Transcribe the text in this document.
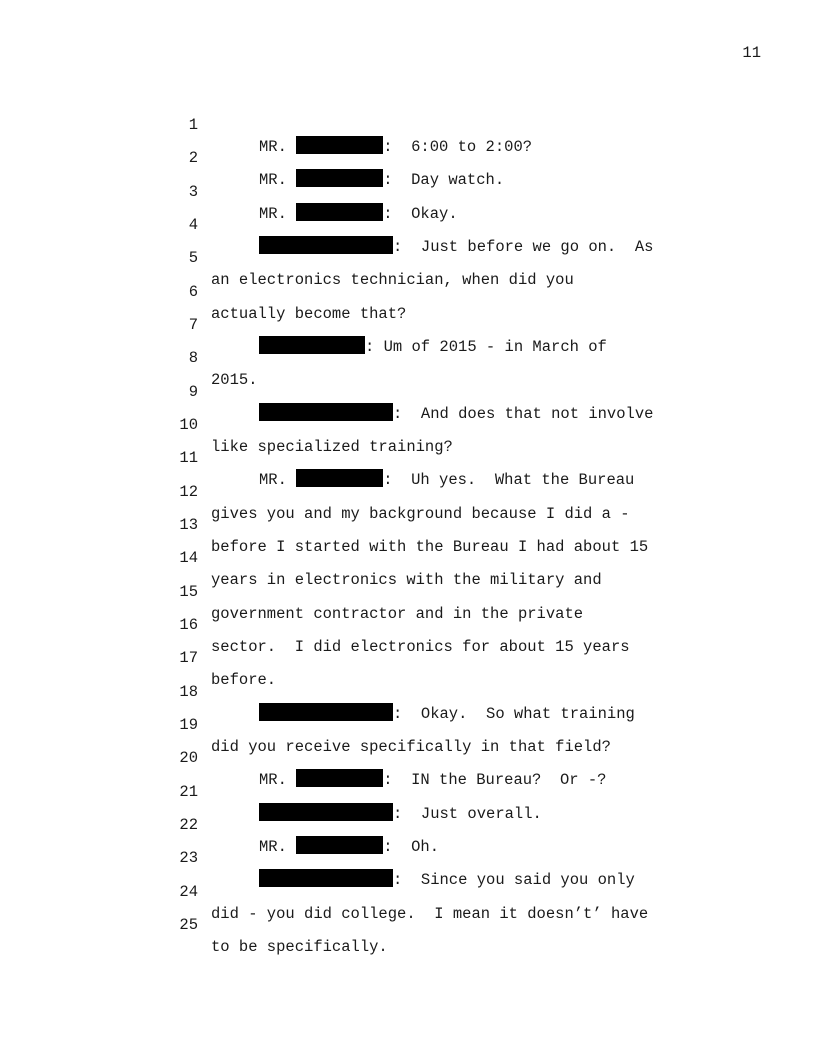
11

1

MR.	:  6:00 to 2:00?

2

MR.	:  Day watch.

3

MR.	:  Okay.

4

:  Just before we go on.  As

5

an electronics technician, when did you

6

actually become that?

7

: Um of 2015 - in March of

8

2015.

9

:  And does that not involve

10

like specialized training?

11

MR.	:  Uh yes.  What the Bureau

12

gives you and my background because I did a -

13

before I started with the Bureau I had about 15

14

years in electronics with the military and

15

government contractor and in the private

16

sector.  I did electronics for about 15 years

17

before.

18

:  Okay.  So what training

19

did you receive specifically in that field?

20

MR.	:  IN the Bureau?  Or -?

21

:  Just overall.

22

MR.	:  Oh.

23

:  Since you said you only

24

did - you did college.  I mean it doesn’t’ have

25

to be specifically.
